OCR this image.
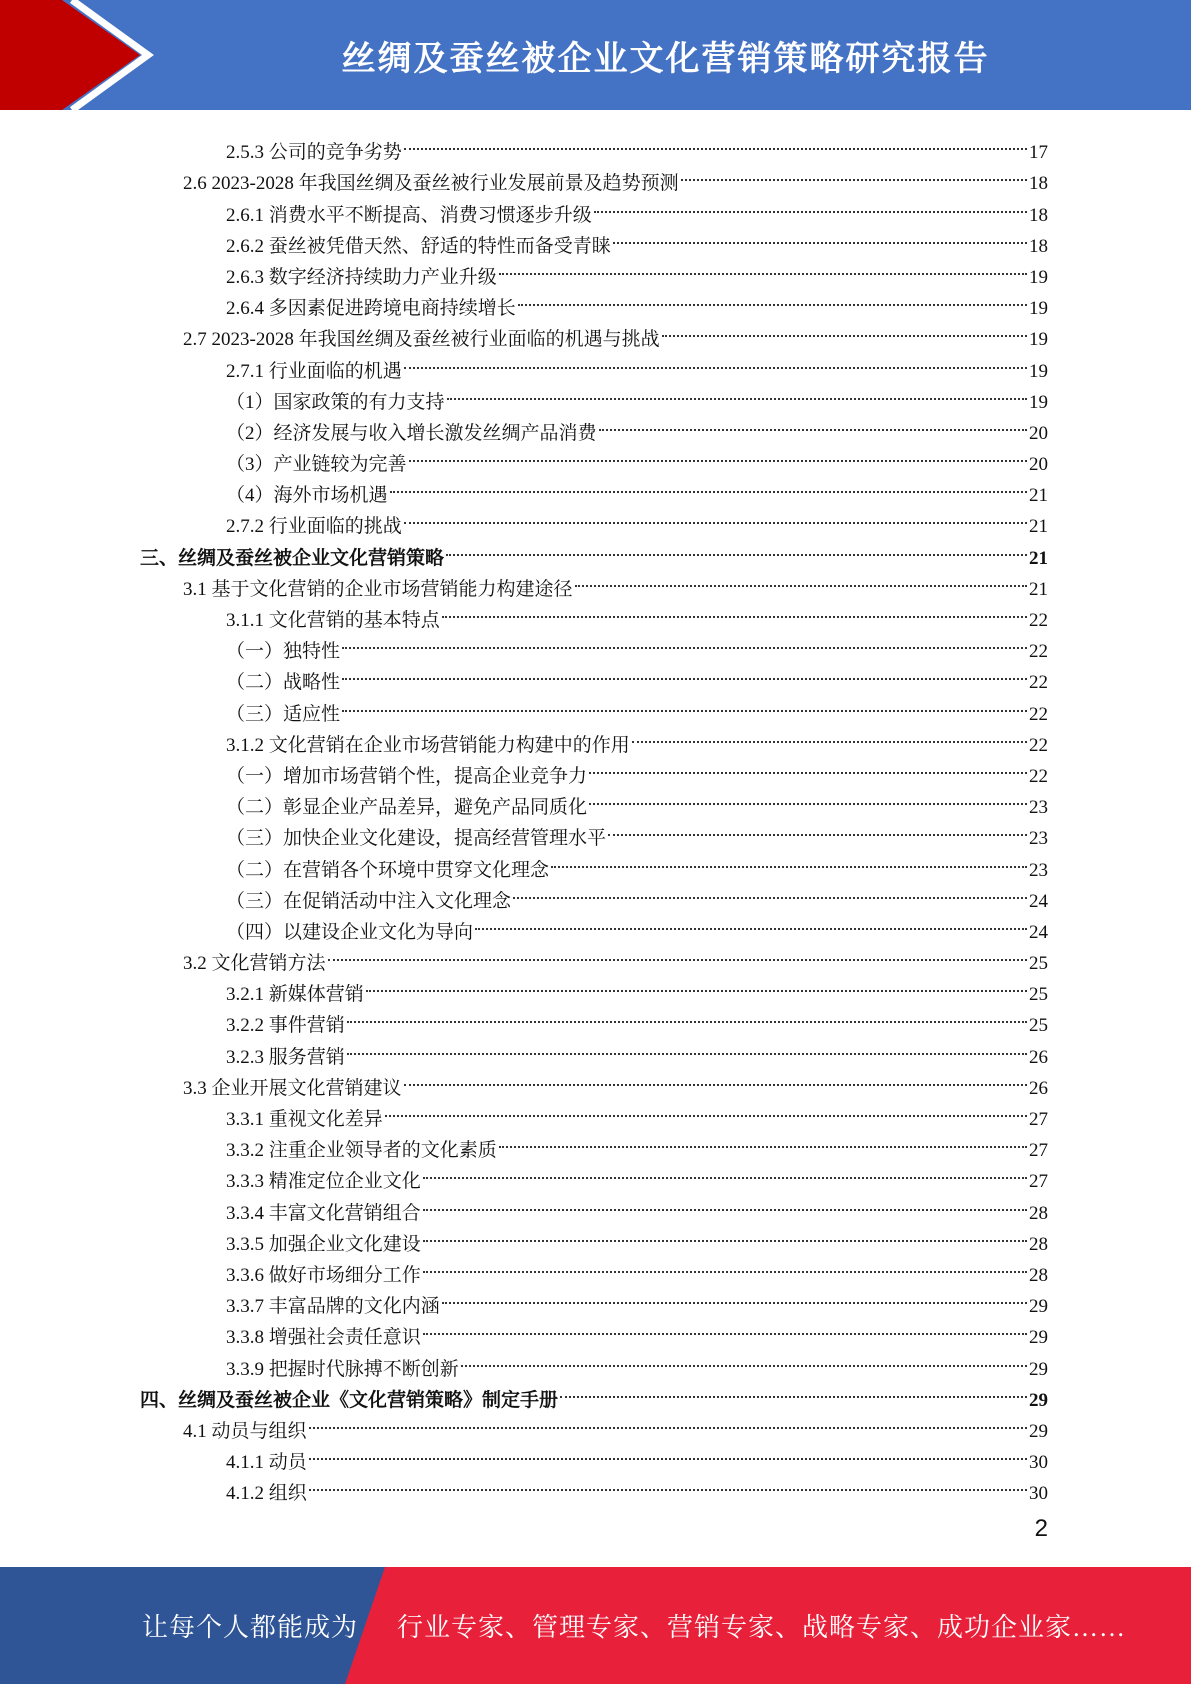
丝绸及蚕丝被企业文化营销策略研究报告
2.5.3 公司的竞争劣势	17
2.6 2023-2028 年我国丝绸及蚕丝被行业发展前景及趋势预测	18
2.6.1 消费水平不断提高、消费习惯逐步升级	18
2.6.2 蚕丝被凭借天然、舒适的特性而备受青睐	18
2.6.3 数字经济持续助力产业升级	19
2.6.4 多因素促进跨境电商持续增长	19
2.7 2023-2028 年我国丝绸及蚕丝被行业面临的机遇与挑战	19
2.7.1 行业面临的机遇	19
（1）国家政策的有力支持	19
（2）经济发展与收入增长激发丝绸产品消费	20
（3）产业链较为完善	20
（4）海外市场机遇	21
2.7.2 行业面临的挑战	21
三、丝绸及蚕丝被企业文化营销策略	21
3.1 基于文化营销的企业市场营销能力构建途径	21
3.1.1 文化营销的基本特点	22
（一）独特性	22
（二）战略性	22
（三）适应性	22
3.1.2 文化营销在企业市场营销能力构建中的作用	22
（一）增加市场营销个性，提高企业竞争力	22
（二）彰显企业产品差异，避免产品同质化	23
（三）加快企业文化建设，提高经营管理水平	23
（二）在营销各个环境中贯穿文化理念	23
（三）在促销活动中注入文化理念	24
（四）以建设企业文化为导向	24
3.2 文化营销方法	25
3.2.1 新媒体营销	25
3.2.2 事件营销	25
3.2.3 服务营销	26
3.3 企业开展文化营销建议	26
3.3.1 重视文化差异	27
3.3.2 注重企业领导者的文化素质	27
3.3.3 精准定位企业文化	27
3.3.4 丰富文化营销组合	28
3.3.5 加强企业文化建设	28
3.3.6 做好市场细分工作	28
3.3.7 丰富品牌的文化内涵	29
3.3.8 增强社会责任意识	29
3.3.9 把握时代脉搏不断创新	29
四、丝绸及蚕丝被企业《文化营销策略》制定手册	29
4.1 动员与组织	29
4.1.1 动员	30
4.1.2 组织	30
2
让每个人都能成为 行业专家、管理专家、营销专家、战略专家、成功企业家……
